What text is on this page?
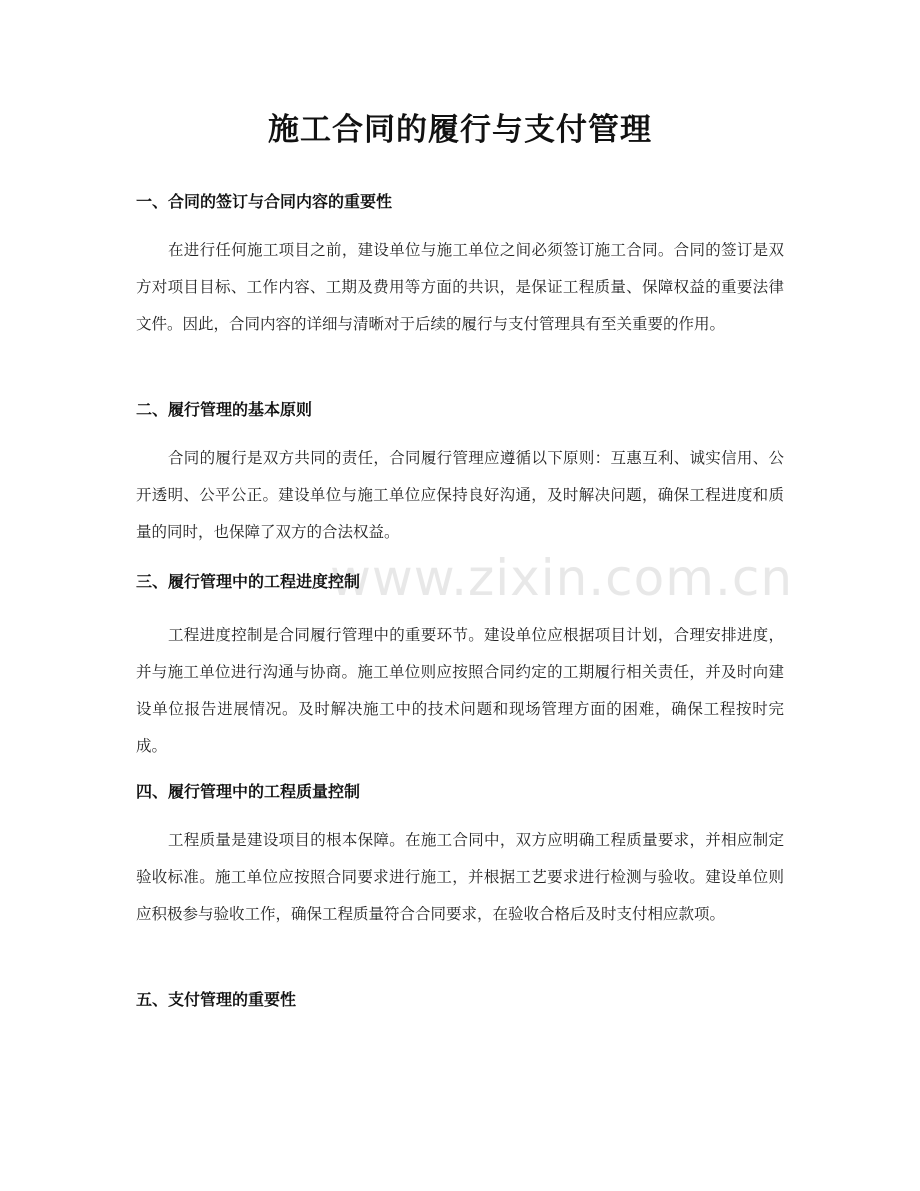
施工合同的履行与支付管理
www.zixin.com.cn
一、合同的签订与合同内容的重要性

在进行任何施工项目之前，建设单位与施工单位之间必须签订施工合同。合同的签订是双方对项目目标、工作内容、工期及费用等方面的共识，是保证工程质量、保障权益的重要法律文件。因此，合同内容的详细与清晰对于后续的履行与支付管理具有至关重要的作用。

二、履行管理的基本原则

合同的履行是双方共同的责任，合同履行管理应遵循以下原则：互惠互利、诚实信用、公开透明、公平公正。建设单位与施工单位应保持良好沟通，及时解决问题，确保工程进度和质量的同时，也保障了双方的合法权益。

三、履行管理中的工程进度控制

工程进度控制是合同履行管理中的重要环节。建设单位应根据项目计划，合理安排进度，并与施工单位进行沟通与协商。施工单位则应按照合同约定的工期履行相关责任，并及时向建设单位报告进展情况。及时解决施工中的技术问题和现场管理方面的困难，确保工程按时完成。

四、履行管理中的工程质量控制

工程质量是建设项目的根本保障。在施工合同中，双方应明确工程质量要求，并相应制定验收标准。施工单位应按照合同要求进行施工，并根据工艺要求进行检测与验收。建设单位则应积极参与验收工作，确保工程质量符合合同要求，在验收合格后及时支付相应款项。

五、支付管理的重要性
